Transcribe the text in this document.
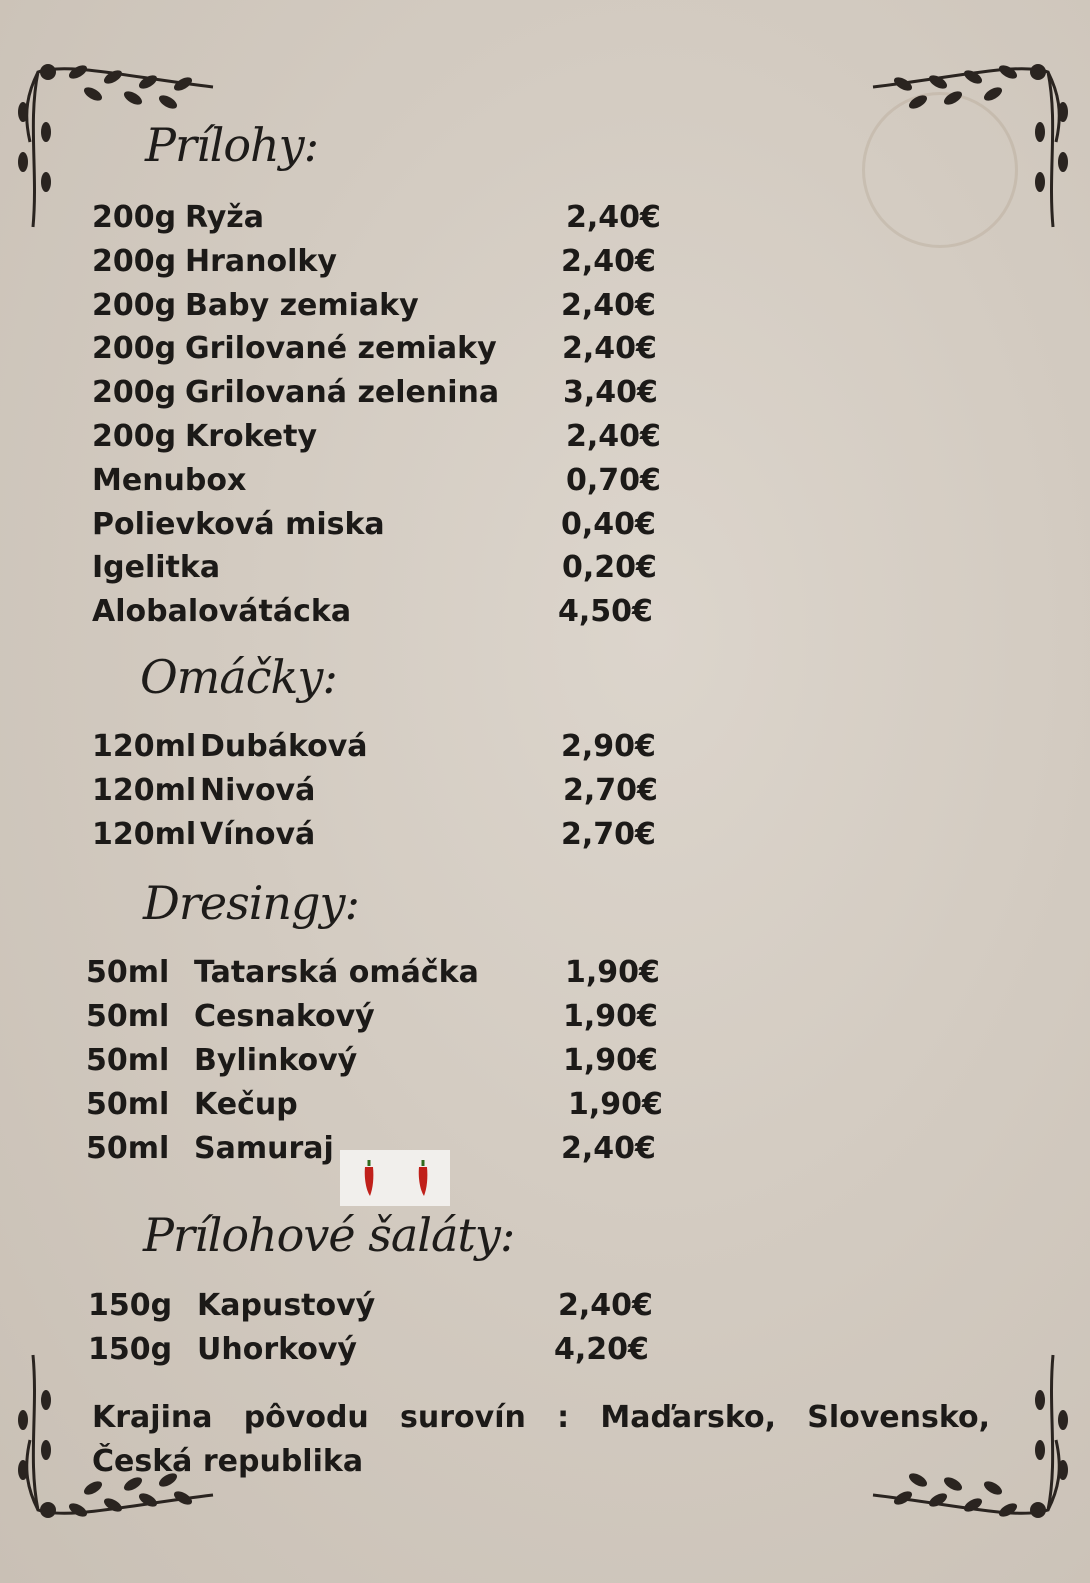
Prílohy:
200g Ryža	2,40€
200g Hranolky	2,40€
200g Baby zemiaky	2,40€
200g Grilované zemiaky 2,40€
200g Grilovaná zelenina 3,40€
200g Krokety	2,40€
Menubox	0,70€
Polievková miska	0,40€
Igelitka	0,20€
Alobalovátácka	4,50€
Omáčky:
120ml Dubáková	2,90€
120ml Nivová	2,70€
120ml Vínová	2,70€
Dresingy:
50ml Tatarská omáčka	1,90€
50ml Cesnakový	1,90€
50ml Bylinkový	1,90€
50ml Kečup	1,90€
50ml Samuraj	2,40€
Prílohové šaláty:
150g Kapustový	2,40€
150g Uhorkový	4,20€
Krajina pôvodu surovín : Maďarsko, Slovensko, Česká republika
